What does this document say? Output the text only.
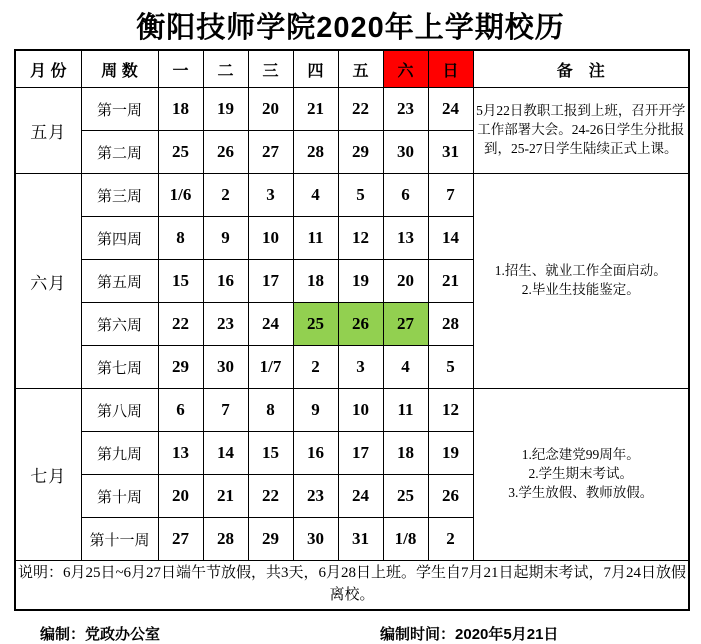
衡阳技师学院2020年上学期校历
月 份	周 数	一	二	三	四	五	六	日	备　注
五月	第一周	18	19	20	21	22	23	24	5月22日教职工报到上班，召开开学工作部署大会。24-26日学生分批报到，25-27日学生陆续正式上课。

	第二周	25	26	27	28	29	30	31	
六月	第三周	1/6	2	3	4	5	6	7	1.招生、就业工作全面启动。
2.毕业生技能鉴定。

	第四周	8	9	10	11	12	13	14	
	第五周	15	16	17	18	19	20	21	
	第六周	22	23	24	25	26	27	28	
	第七周	29	30	1/7	2	3	4	5	
七月	第八周	6	7	8	9	10	11	12	1.纪念建党99周年。
2.学生期末考试。
3.学生放假、教师放假。

	第九周	13	14	15	16	17	18	19	
	第十周	20	21	22	23	24	25	26	
	第十一周	27	28	29	30	31	1/8	2	
说明：6月25日~6月27日端午节放假，共3天，6月28日上班。学生自7月21日起期末考试，7月24日放假离校。									
编制：党政办公室	编制时间：2020年5月21日
